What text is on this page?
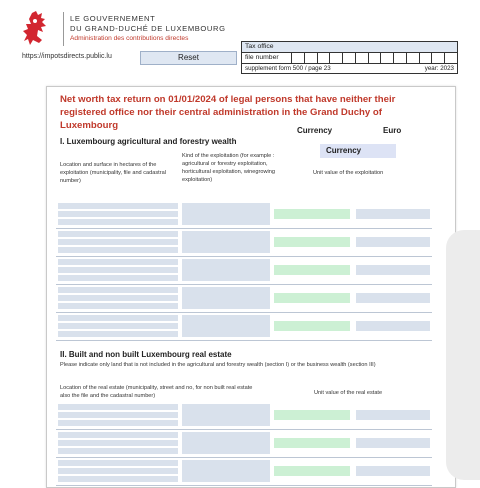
LE GOUVERNEMENT
DU GRAND-DUCHÉ DE LUXEMBOURG
Administration des contributions directes
https://impotsdirects.public.lu	Reset
Tax office
file number
supplement form 500 / page 23	year: 2023
Net worth tax return on 01/01/2024 of legal persons that have neither their registered office nor their central administration in the Grand Duchy of Luxembourg	Currency	Euro
I. Luxembourg agricultural and forestry wealth
Currency
Location and surface in hectares of the exploitation (municipality, file and cadastral number)
Kind of the exploitation (for example : agricultural or forestry exploitation, horticultural exploitation, winegrowing exploitation)
Unit value of the exploitation
II. Built and non built Luxembourg real estate
Please indicate only land that is not included in the agricultural and forestry wealth (section I) or the business wealth (section III)
Location of the real estate (municipality, street and no, for non built real estate also the file and the cadastral number)	Unit value of the real estate
